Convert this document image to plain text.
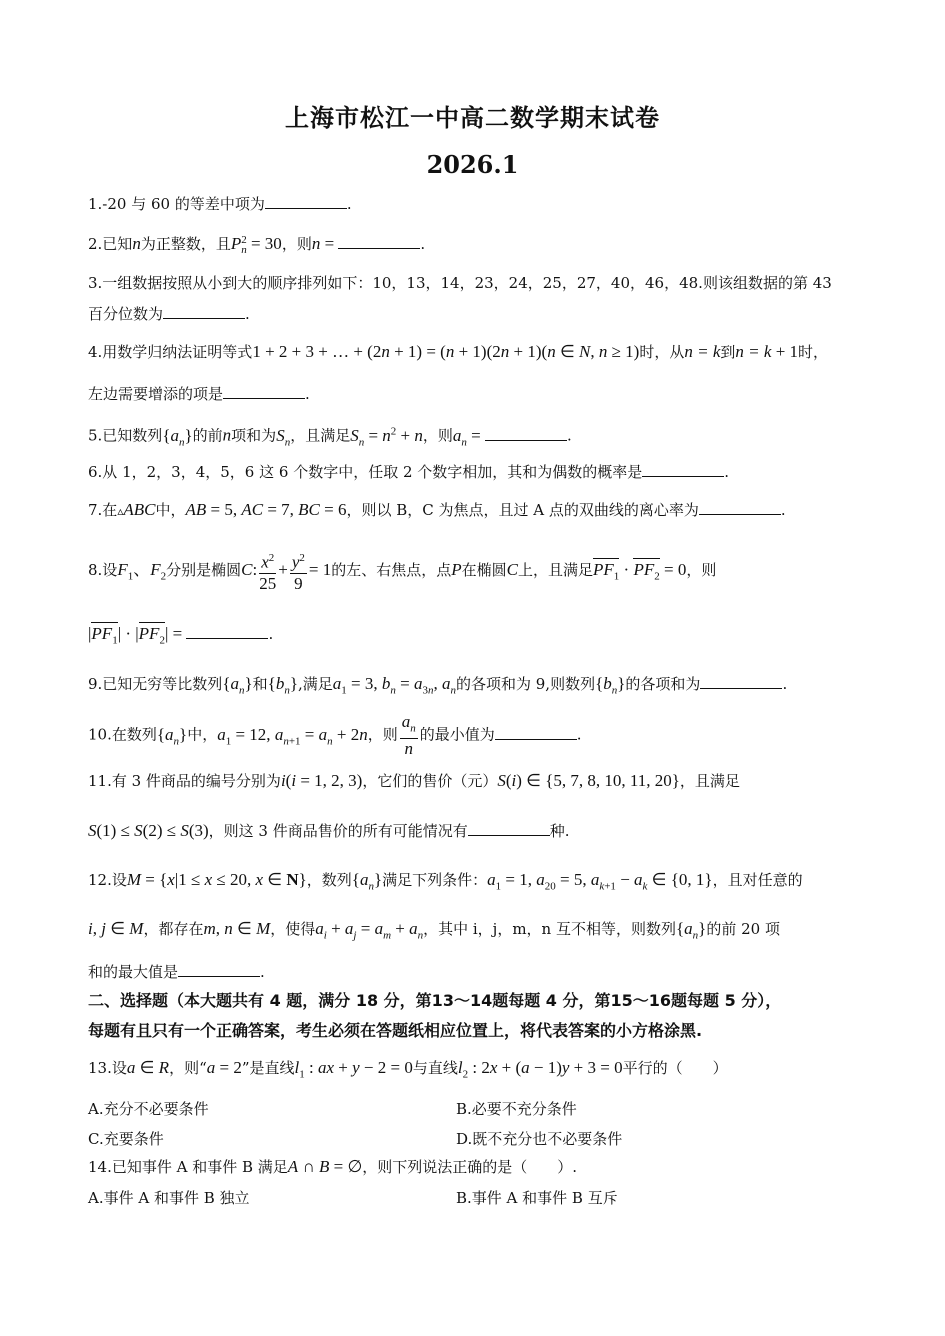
上海市松江一中高二数学期末试卷
2026.1
1.-20 与 60 的等差中项为	.
2.已知n为正整数，且P 2
n = 30，则n =	.
3.一组数据按照从小到大的顺序排列如下：10，13，14，23，24，25，27，40，46，48.则该组数据的第 43
百分位数为	.
4.用数学归纳法证明等式1 + 2 + 3 + … + (2n + 1) = (n + 1)(2n + 1)(n ∈ N, n ≥ 1)时，从n = k到n = k + 1时，
左边需要增添的项是	.
5.已知数列$\{a_n\}$的前n项和为$S_n$，且满足$S_n = n^2 + n$，则$a_n$ =	.
6.从 1，2，3，4，5，6 这 6 个数字中，任取 2 个数字相加，其和为偶数的概率是	.
7.在▵ABC中，AB = 5, AC = 7, BC = 6，则以 B，C 为焦点，且过 A 点的双曲线的离心率为	.
8.设$F_1$、$F_2$分别是椭圆C: $\frac{x^2}{25} + \frac{y^2}{9} = 1$的左、右焦点，点P在椭圆C上，且满足$PF_1 \cdot PF_2 = 0$，则
$|PF_1| \cdot |PF_2|$ =	.
9.已知无穷等比数列$\{a_n\}$和$\{b_n\}$,满足$a_1 = 3$, $b_n = a_{3n}$, $a_n$的各项和为 9,则数列$\{b_n\}$的各项和为	.
10.在数列$\{a_n\}$中，$a_1 = 12$, $a_{n+1} = a_n + 2n$，则 $\frac{a_n}{n}$ 的最小值为	.
11.有 3 件商品的编号分别为i(i = 1, 2, 3)，它们的售价（元）S(i) ∈ {5, 7, 8, 10, 11, 20}，且满足
S(1) ≤ S(2) ≤ S(3)，则这 3 件商品售价的所有可能情况有	种.
12.设M = {x|1 ≤ x ≤ 20, x ∈ N}，数列$\{a_n\}$满足下列条件：$a_1 = 1$, $a_{20} = 5$, $a_{k+1} - a_k$ ∈ {0, 1}，且对任意的
i, j ∈ M，都存在m, n ∈ M，使得$a_i + a_j = a_m + a_n$，其中 i，j，m，n 互不相等，则数列$\{a_n\}$的前 20 项
和的最大值是	.
二、选择题（本大题共有 4 题，满分 18 分，第13～14题每题 4 分，第15～16题每题 5 分），
每题有且只有一个正确答案，考生必须在答题纸相应位置上，将代表答案的小方格涂黑.
13.设a ∈ R，则“a = 2”是直线$l_1$ : ax + y − 2 = 0与直线$l_2$ : 2x + (a − 1)y + 3 = 0平行的（　　）
A.充分不必要条件	B.必要不充分条件
C.充要条件	D.既不充分也不必要条件
14.已知事件 A 和事件 B 满足A ∩ B = ∅，则下列说法正确的是（　　）.
A.事件 A 和事件 B 独立	B.事件 A 和事件 B 互斥
